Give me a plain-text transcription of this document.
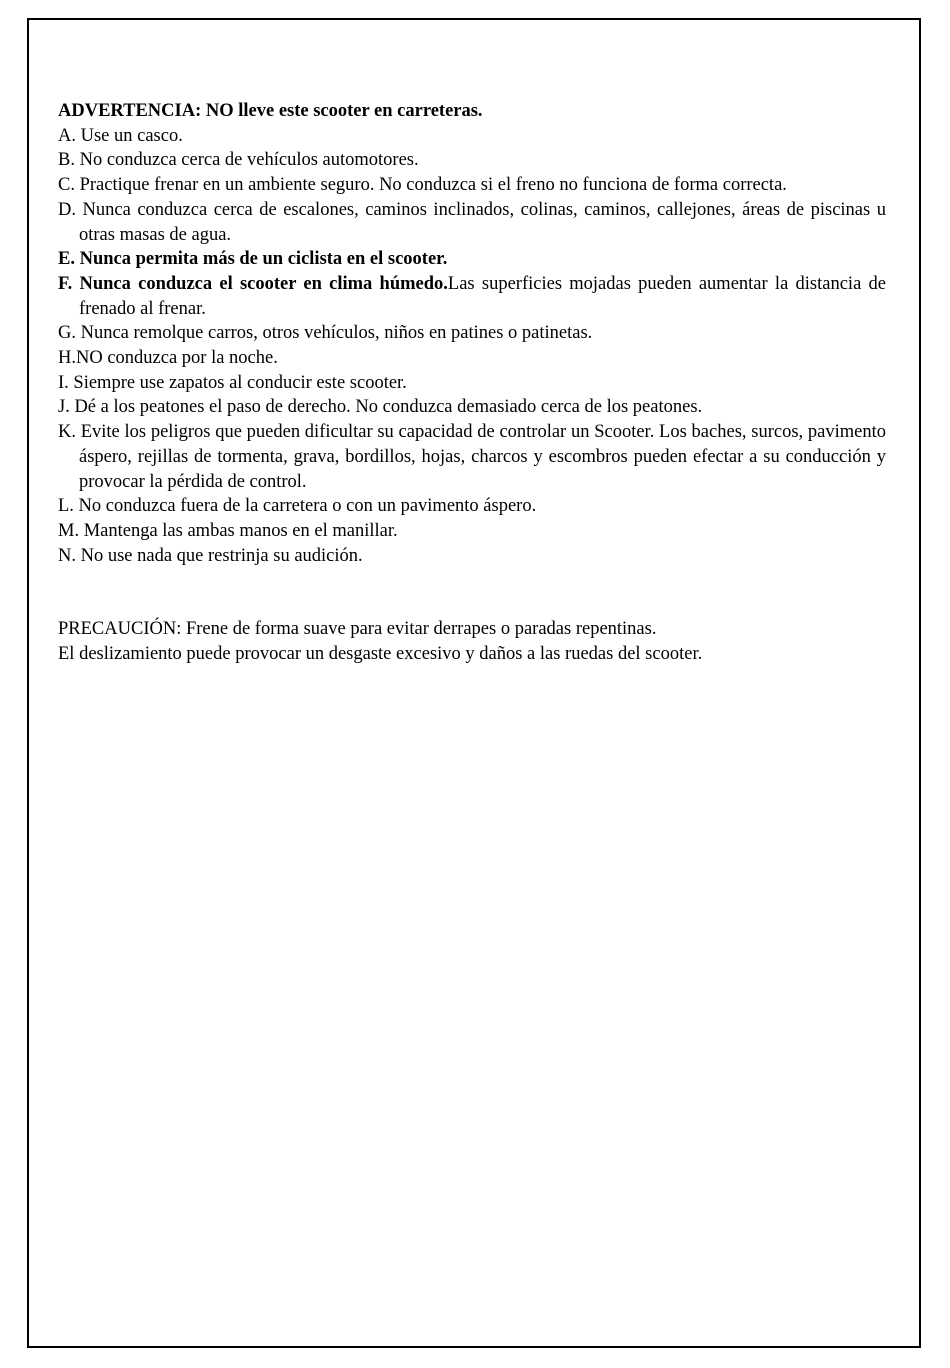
ADVERTENCIA: NO lleve este scooter en carreteras.

A. Use un casco.

B. No conduzca cerca de vehículos automotores.

C. Practique frenar en un ambiente seguro. No conduzca si el freno no funciona de forma correcta.

D. Nunca conduzca cerca de escalones, caminos inclinados, colinas, caminos, callejones, áreas de piscinas u otras masas de agua.

E. Nunca permita más de un ciclista en el scooter.

F. Nunca conduzca el scooter en clima húmedo.Las superficies mojadas pueden aumentar la distancia de frenado al frenar.

G. Nunca remolque carros, otros vehículos, niños en patines o patinetas.

H.NO conduzca por la noche.

I. Siempre use zapatos al conducir este scooter.

J. Dé a los peatones el paso de derecho. No conduzca demasiado cerca de los peatones.

K. Evite los peligros que pueden dificultar su capacidad de controlar un Scooter. Los baches, surcos, pavimento áspero, rejillas de tormenta, grava, bordillos, hojas, charcos y escombros pueden efectar a su conducción y provocar la pérdida de control.

L. No conduzca fuera de la carretera o con un pavimento áspero.

M. Mantenga las ambas manos en el manillar.

N. No use nada que restrinja su audición.

PRECAUCIÓN: Frene de forma suave para evitar derrapes o paradas repentinas.

El deslizamiento puede provocar un desgaste excesivo y daños a las ruedas del scooter.
